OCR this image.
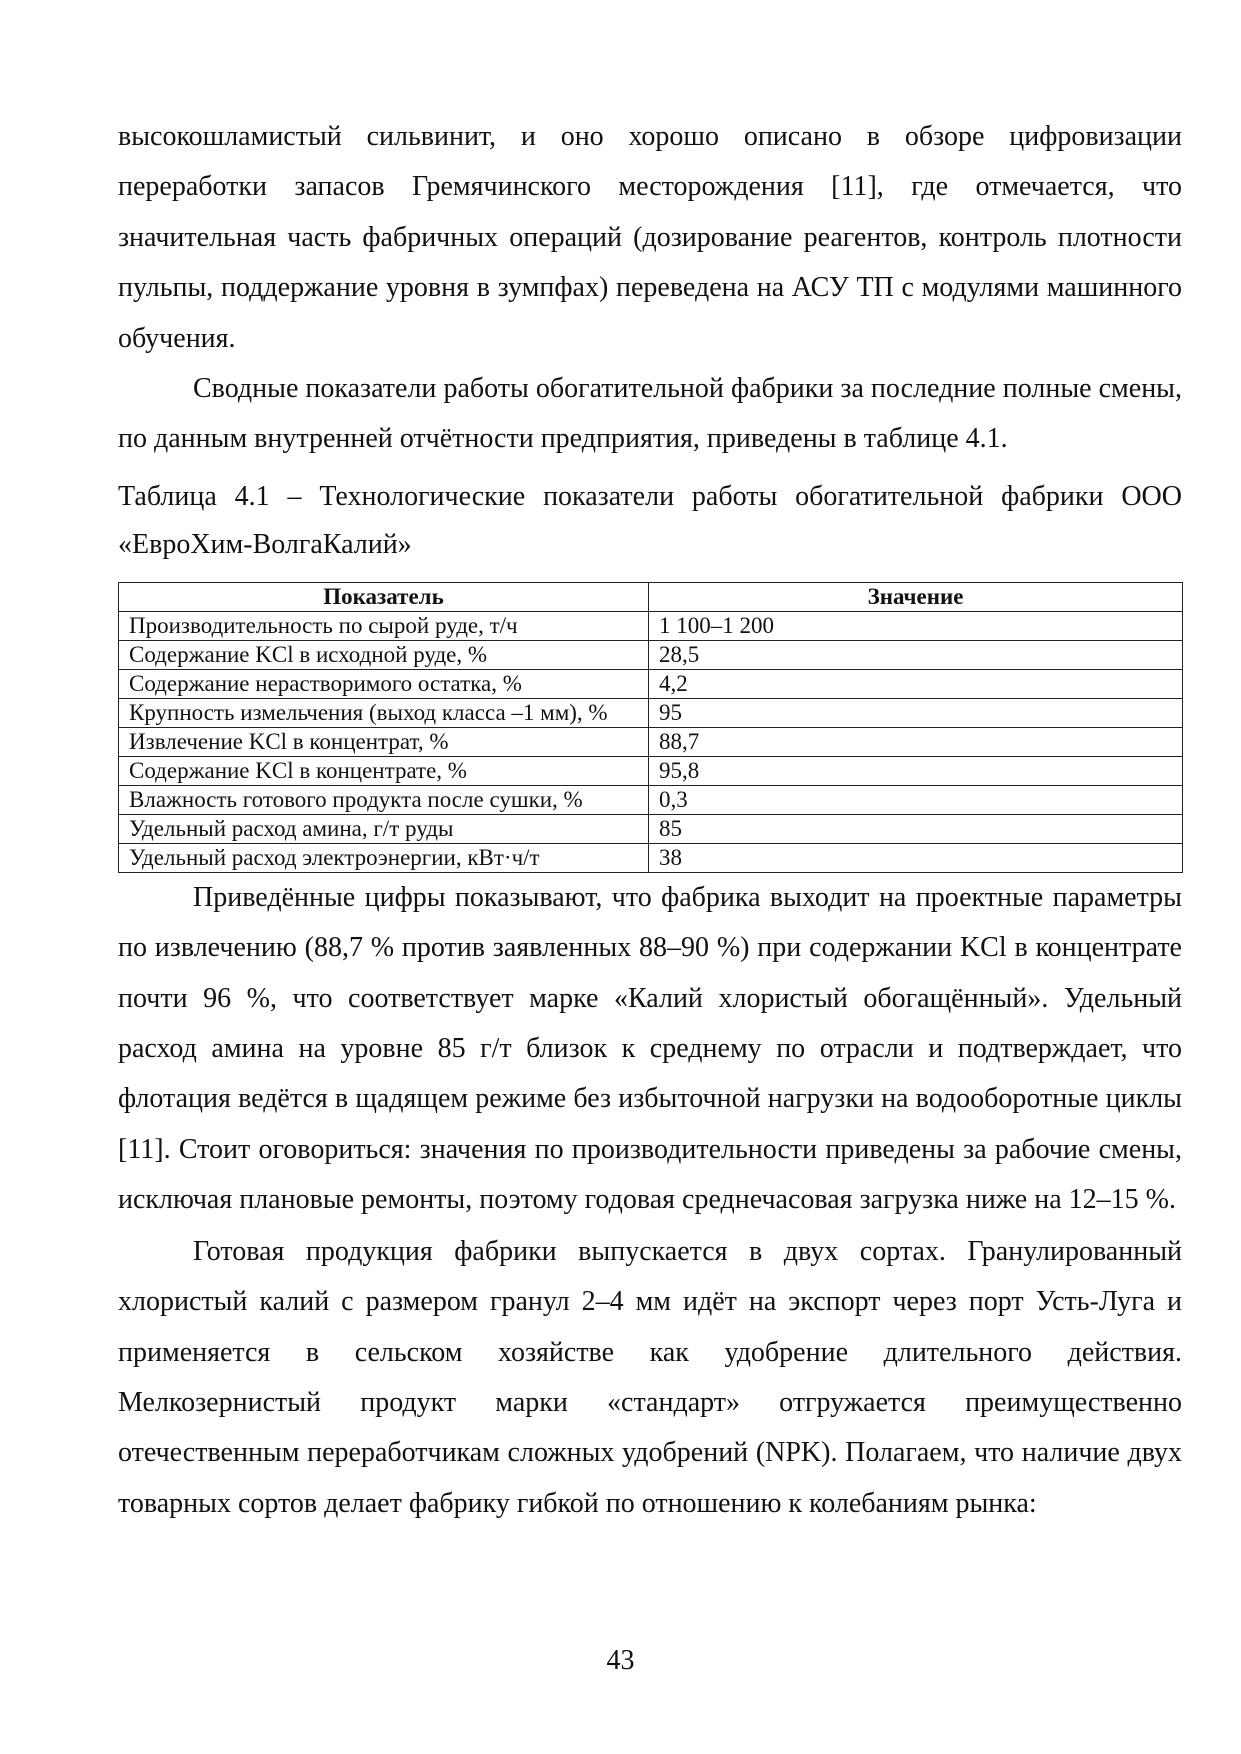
высокошламистый сильвинит, и оно хорошо описано в обзоре цифровизации переработки запасов Гремячинского месторождения [11], где отмечается, что значительная часть фабричных операций (дозирование реагентов, контроль плотности пульпы, поддержание уровня в зумпфах) переведена на АСУ ТП с модулями машинного обучения.

Сводные показатели работы обогатительной фабрики за последние полные смены, по данным внутренней отчётности предприятия, приведены в таблице 4.1.

Таблица 4.1 – Технологические показатели работы обогатительной фабрики ООО «ЕвроХим-ВолгаКалий»

Показатель	Значение
Производительность по сырой руде, т/ч	1 100–1 200
Содержание KCl в исходной руде, %	28,5
Содержание нерастворимого остатка, %	4,2
Крупность измельчения (выход класса –1 мм), %	95
Извлечение KCl в концентрат, %	88,7
Содержание KCl в концентрате, %	95,8
Влажность готового продукта после сушки, %	0,3
Удельный расход амина, г/т руды	85
Удельный расход электроэнергии, кВт·ч/т	38

Приведённые цифры показывают, что фабрика выходит на проектные параметры по извлечению (88,7 % против заявленных 88–90 %) при содержании KCl в концентрате почти 96 %, что соответствует марке «Калий хлористый обогащённый». Удельный расход амина на уровне 85 г/т близок к среднему по отрасли и подтверждает, что флотация ведётся в щадящем режиме без избыточной нагрузки на водооборотные циклы [11]. Стоит оговориться: значения по производительности приведены за рабочие смены, исключая плановые ремонты, поэтому годовая среднечасовая загрузка ниже на 12–15 %.

Готовая продукция фабрики выпускается в двух сортах. Гранулированный хлористый калий с размером гранул 2–4 мм идёт на экспорт через порт Усть-Луга и применяется в сельском хозяйстве как удобрение длительного действия. Мелкозернистый продукт марки «стандарт» отгружается преимущественно отечественным переработчикам сложных удобрений (NPK). Полагаем, что наличие двух товарных сортов делает фабрику гибкой по отношению к колебаниям рынка:

43
